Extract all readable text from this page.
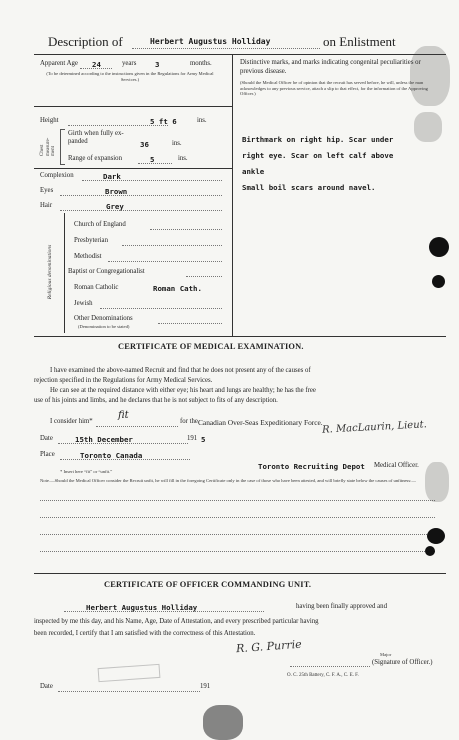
Description of	Herbert Augustus Holliday	on Enlistment
Apparent Age 24	years	3	months.
(To be determined according to the instructions given in the Regulations for Army Medical Services.)
Height	5 ft 6	ins.
Chest measure-ment
Girth when fully ex-panded	36	ins.
Range of expansion	5	ins.
Complexion	Dark
Eyes	Brown
Hair	Grey
Religious denominations
Church of England
Presbyterian
Methodist
Baptist or Congregationalist
Roman Catholic	Roman Cath.
Jewish
Other Denominations
(Denomination to be stated)
Distinctive marks, and marks indicating congenital peculiarities or previous disease.
(Should the Medical Officer be of opinion that the recruit has served before, he will, unless the man acknowledges to any previous service, attach a slip to that effect, for the information of the Approving Officer.)
Birthmark on right hip. Scar under
right eye. Scar on left calf above
ankle
Small boil scars around navel.
CERTIFICATE OF MEDICAL EXAMINATION.
I have examined the above-named Recruit and find that he does not present any of the causes of
rejection specified in the Regulations for Army Medical Services.
He can see at the required distance with either eye; his heart and lungs are healthy; he has the free
use of his joints and limbs, and he declares that he is not subject to fits of any description.
I consider him*
fit
for the Canadian Over-Seas Expeditionary Force.
Date	15th December	191 5
Place	Toronto Canada
R. MacLaurin, Lieut.
Toronto Recruiting Depot Medical Officer.
* Insert here “fit” or “unfit.”
Note.—Should the Medical Officer consider the Recruit unfit, he will fill in the foregoing Certificate only in the case of those who have been attested, and will briefly state below the causes of unfitness:—
CERTIFICATE OF OFFICER COMMANDING UNIT.
Herbert Augustus Holliday	having been finally approved and
inspected by me this day, and his Name, Age, Date of Attestation, and every prescribed particular having
been recorded, I certify that I am satisfied with the correctness of this Attestation.
R. G. Purrie	Major
(Signature of Officer.)
O. C. 25th Battery, C. F. A., C. E. F.
Date	191
